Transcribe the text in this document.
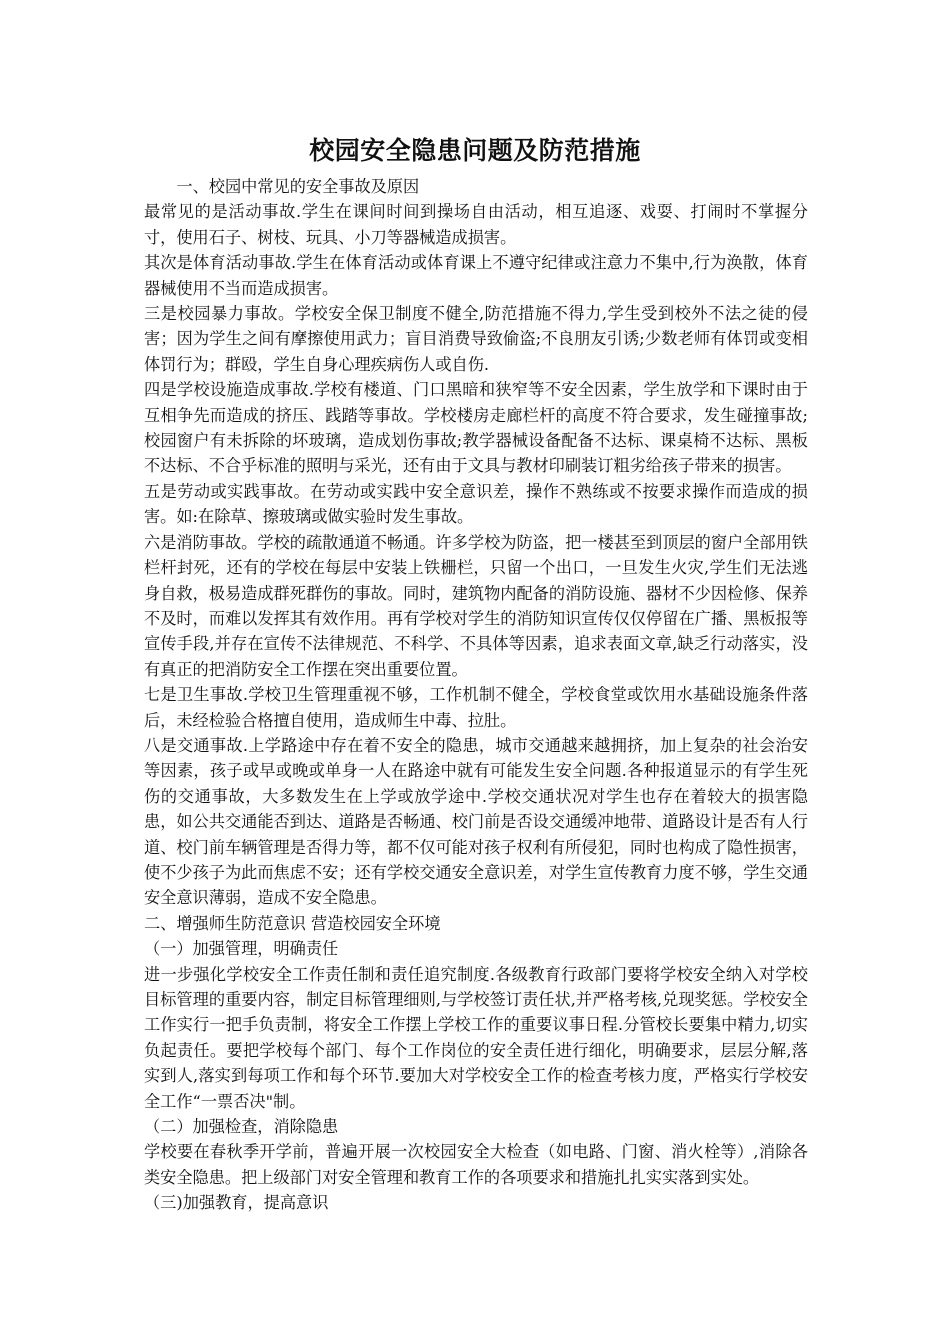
校园安全隐患问题及防范措施

一、校园中常见的安全事故及原因

最常见的是活动事故.学生在课间时间到操场自由活动，相互追逐、戏耍、打闹时不掌握分寸，使用石子、树枝、玩具、小刀等器械造成损害。

其次是体育活动事故.学生在体育活动或体育课上不遵守纪律或注意力不集中,行为涣散，体育器械使用不当而造成损害。

三是校园暴力事故。学校安全保卫制度不健全,防范措施不得力,学生受到校外不法之徒的侵害；因为学生之间有摩擦使用武力；盲目消费导致偷盗;不良朋友引诱;少数老师有体罚或变相体罚行为；群殴，学生自身心理疾病伤人或自伤.

四是学校设施造成事故.学校有楼道、门口黑暗和狭窄等不安全因素，学生放学和下课时由于互相争先而造成的挤压、践踏等事故。学校楼房走廊栏杆的高度不符合要求，发生碰撞事故;校园窗户有未拆除的坏玻璃，造成划伤事故;教学器械设备配备不达标、课桌椅不达标、黑板不达标、不合乎标准的照明与采光，还有由于文具与教材印刷装订粗劣给孩子带来的损害。

五是劳动或实践事故。在劳动或实践中安全意识差，操作不熟练或不按要求操作而造成的损害。如:在除草、擦玻璃或做实验时发生事故。

六是消防事故。学校的疏散通道不畅通。许多学校为防盗，把一楼甚至到顶层的窗户全部用铁栏杆封死，还有的学校在每层中安装上铁栅栏，只留一个出口，一旦发生火灾,学生们无法逃身自救，极易造成群死群伤的事故。同时，建筑物内配备的消防设施、器材不少因检修、保养不及时，而难以发挥其有效作用。再有学校对学生的消防知识宣传仅仅停留在广播、黑板报等宣传手段,并存在宣传不法律规范、不科学、不具体等因素，追求表面文章,缺乏行动落实，没有真正的把消防安全工作摆在突出重要位置。

七是卫生事故.学校卫生管理重视不够，工作机制不健全，学校食堂或饮用水基础设施条件落后，未经检验合格擅自使用，造成师生中毒、拉肚。

八是交通事故.上学路途中存在着不安全的隐患，城市交通越来越拥挤，加上复杂的社会治安等因素，孩子或早或晚或单身一人在路途中就有可能发生安全问题.各种报道显示的有学生死伤的交通事故，大多数发生在上学或放学途中.学校交通状况对学生也存在着较大的损害隐患，如公共交通能否到达、道路是否畅通、校门前是否设交通缓冲地带、道路设计是否有人行道、校门前车辆管理是否得力等，都不仅可能对孩子权利有所侵犯，同时也构成了隐性损害，使不少孩子为此而焦虑不安；还有学校交通安全意识差，对学生宣传教育力度不够，学生交通安全意识薄弱，造成不安全隐患。

二、增强师生防范意识 营造校园安全环境

（一）加强管理，明确责任

进一步强化学校安全工作责任制和责任追究制度.各级教育行政部门要将学校安全纳入对学校目标管理的重要内容，制定目标管理细则,与学校签订责任状,并严格考核,兑现奖惩。学校安全工作实行一把手负责制，将安全工作摆上学校工作的重要议事日程.分管校长要集中精力,切实负起责任。要把学校每个部门、每个工作岗位的安全责任进行细化，明确要求，层层分解,落实到人,落实到每项工作和每个环节.要加大对学校安全工作的检查考核力度，严格实行学校安全工作“一票否决"制。

（二）加强检查，消除隐患

学校要在春秋季开学前，普遍开展一次校园安全大检查（如电路、门窗、消火栓等）,消除各类安全隐患。把上级部门对安全管理和教育工作的各项要求和措施扎扎实实落到实处。

（三)加强教育，提高意识
